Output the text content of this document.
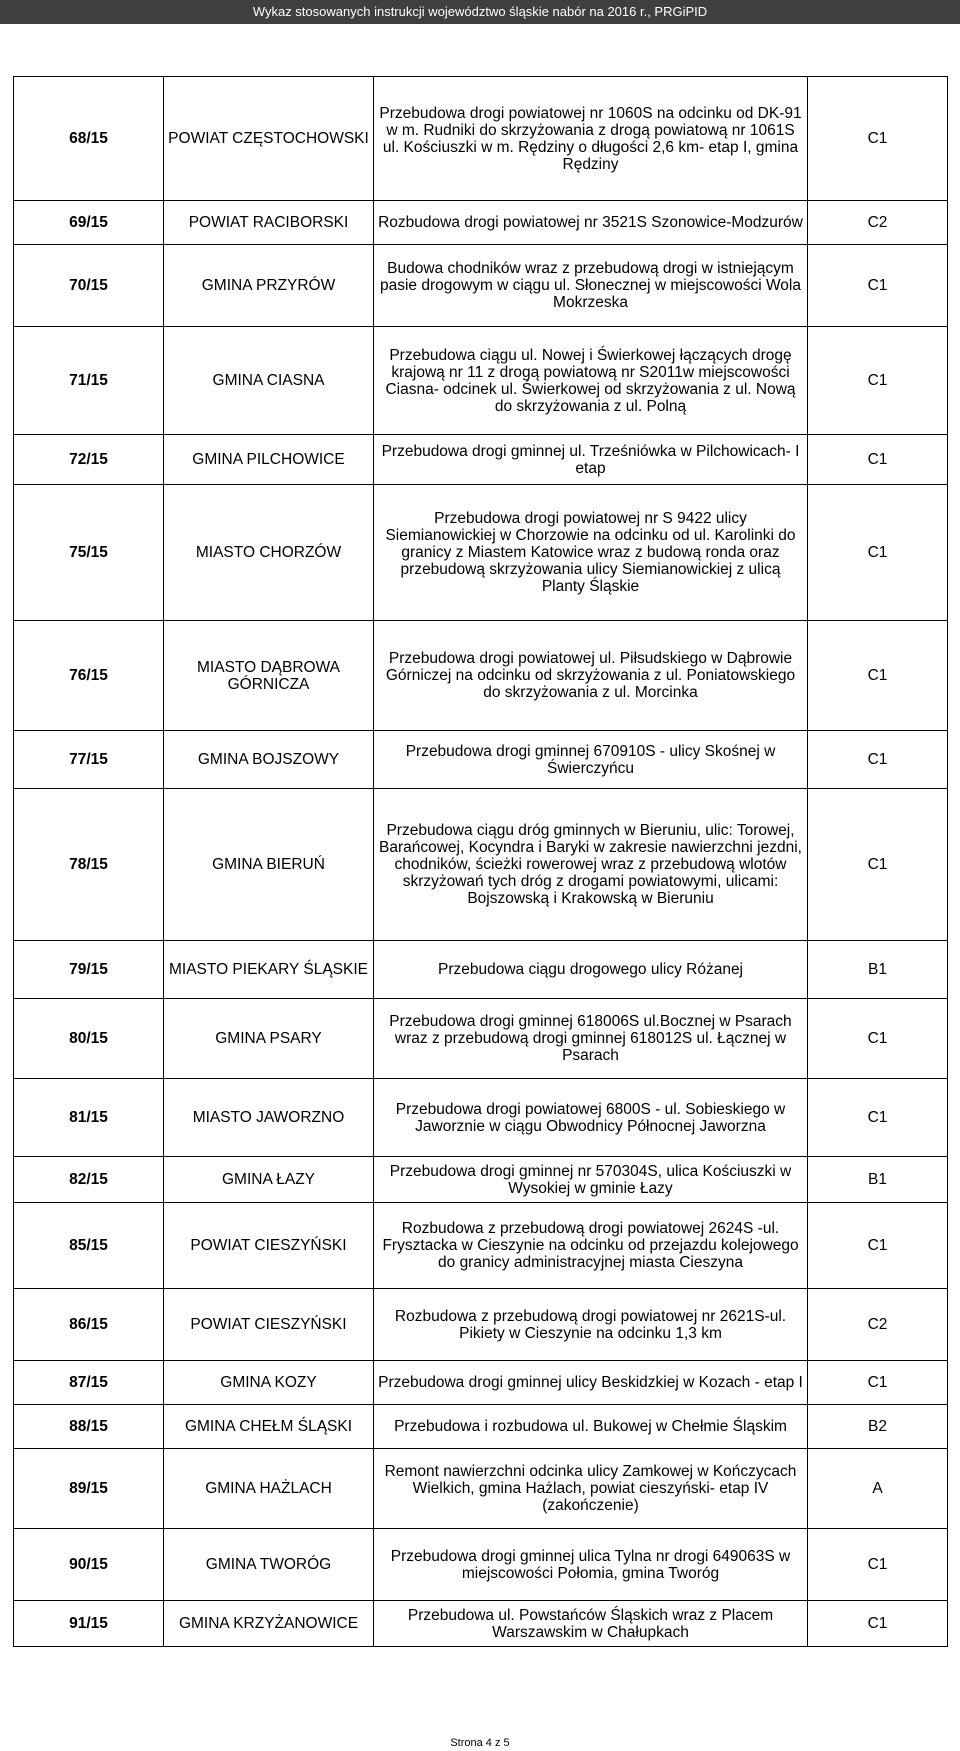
Wykaz stosowanych instrukcji województwo śląskie nabór na 2016 r., PRGiPID
68/15	POWIAT CZĘSTOCHOWSKI	Przebudowa drogi powiatowej nr 1060S na odcinku od DK-91 w m. Rudniki do skrzyżowania z drogą powiatową nr 1061S ul. Kościuszki w m. Rędziny o długości 2,6 km- etap I, gmina Rędziny	C1
69/15	POWIAT RACIBORSKI	Rozbudowa drogi powiatowej nr 3521S Szonowice-Modzurów	C2
70/15	GMINA PRZYRÓW	Budowa chodników wraz z przebudową drogi w istniejącym pasie drogowym w ciągu ul. Słonecznej w miejscowości Wola Mokrzeska	C1
71/15	GMINA CIASNA	Przebudowa ciągu ul. Nowej i Świerkowej łączących drogę krajową nr 11 z drogą powiatową nr S2011w miejscowości Ciasna- odcinek ul. Świerkowej od skrzyżowania z ul. Nową do skrzyżowania z ul. Polną	C1
72/15	GMINA PILCHOWICE	Przebudowa drogi gminnej ul. Trześniówka w Pilchowicach- I etap	C1
75/15	MIASTO CHORZÓW	Przebudowa drogi powiatowej nr S 9422 ulicy Siemianowickiej w Chorzowie na odcinku od ul. Karolinki do granicy z Miastem Katowice wraz z budową ronda oraz przebudową skrzyżowania ulicy Siemianowickiej z ulicą Planty Śląskie	C1
76/15	MIASTO DĄBROWA GÓRNICZA	Przebudowa drogi powiatowej ul. Piłsudskiego w Dąbrowie Górniczej na odcinku od skrzyżowania z ul. Poniatowskiego do skrzyżowania z ul. Morcinka	C1
77/15	GMINA BOJSZOWY	Przebudowa drogi gminnej 670910S - ulicy Skośnej w Świerczyńcu	C1
78/15	GMINA BIERUŃ	Przebudowa ciągu dróg gminnych w Bieruniu, ulic: Torowej, Barańcowej, Kocyndra i Baryki w zakresie nawierzchni jezdni, chodników, ścieżki rowerowej wraz z przebudową wlotów skrzyżowań tych dróg z drogami powiatowymi, ulicami: Bojszowską i Krakowską w Bieruniu	C1
79/15	MIASTO PIEKARY ŚLĄSKIE	Przebudowa ciągu drogowego ulicy Różanej	B1
80/15	GMINA PSARY	Przebudowa drogi gminnej 618006S ul.Bocznej w Psarach wraz z przebudową drogi gminnej 618012S ul. Łącznej w Psarach	C1
81/15	MIASTO JAWORZNO	Przebudowa drogi powiatowej 6800S - ul. Sobieskiego w Jaworznie w ciągu Obwodnicy Północnej Jaworzna	C1
82/15	GMINA ŁAZY	Przebudowa drogi gminnej nr 570304S, ulica Kościuszki w Wysokiej w gminie Łazy	B1
85/15	POWIAT CIESZYŃSKI	Rozbudowa z przebudową drogi powiatowej 2624S -ul. Frysztacka w Cieszynie na odcinku od przejazdu kolejowego do granicy administracyjnej miasta Cieszyna	C1
86/15	POWIAT CIESZYŃSKI	Rozbudowa z przebudową drogi powiatowej nr 2621S-ul. Pikiety w Cieszynie na odcinku 1,3 km	C2
87/15	GMINA KOZY	Przebudowa drogi gminnej ulicy Beskidzkiej w Kozach - etap I	C1
88/15	GMINA CHEŁM ŚLĄSKI	Przebudowa i rozbudowa ul. Bukowej w Chełmie Śląskim	B2
89/15	GMINA HAŻLACH	Remont nawierzchni odcinka ulicy Zamkowej w Kończycach Wielkich, gmina Hażlach, powiat cieszyński- etap IV (zakończenie)	A
90/15	GMINA TWORÓG	Przebudowa drogi gminnej ulica Tylna nr drogi 649063S w miejscowości Połomia, gmina Tworóg	C1
91/15	GMINA KRZYŻANOWICE	Przebudowa ul. Powstańców Śląskich wraz z Placem Warszawskim w Chałupkach	C1
Strona 4 z 5
